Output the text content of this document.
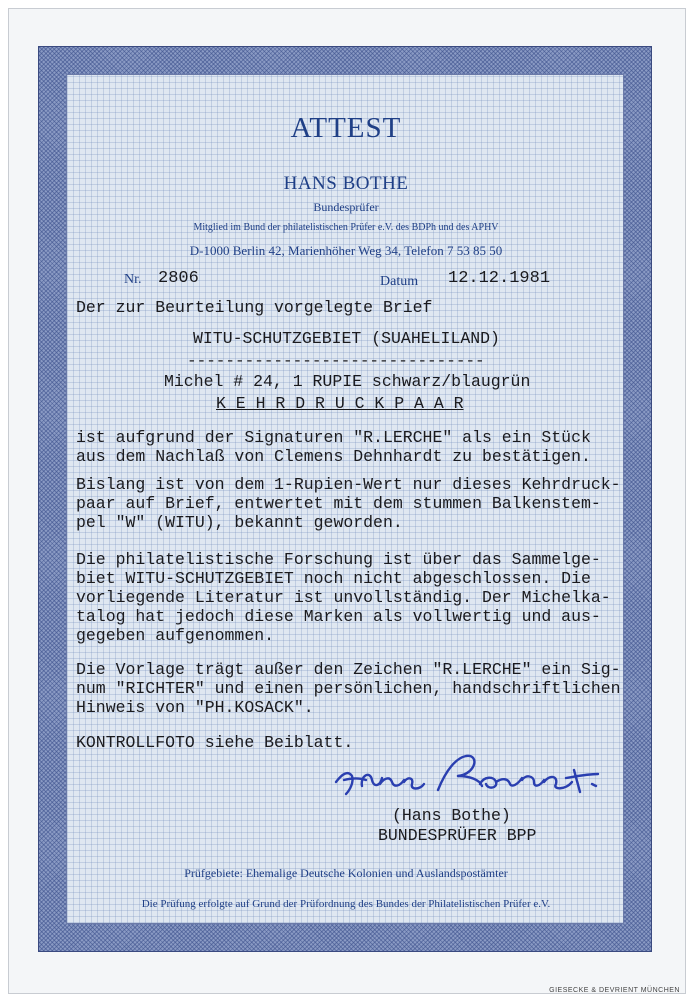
ATTEST
HANS BOTHE
Bundesprüfer
Mitglied im Bund der philatelistischen Prüfer e.V. des BDPh und des APHV
D-1000 Berlin 42, Marienhöher Weg 34, Telefon 7 53 85 50
Nr. 2806	Datum 12.12.1981
Der zur Beurteilung vorgelegte Brief
WITU-SCHUTZGEBIET (SUAHELILAND)
-------------------------------
Michel # 24, 1 RUPIE schwarz/blaugrün
K E H R D R U C K P A A R
ist aufgrund der Signaturen "R.LERCHE" als ein Stück
aus dem Nachlaß von Clemens Dehnhardt zu bestätigen.
Bislang ist von dem 1-Rupien-Wert nur dieses Kehrdruck-
paar auf Brief, entwertet mit dem stummen Balkenstem-
pel "W" (WITU), bekannt geworden.
Die philatelistische Forschung ist über das Sammelge-
biet WITU-SCHUTZGEBIET noch nicht abgeschlossen. Die
vorliegende Literatur ist unvollständig. Der Michelka-
talog hat jedoch diese Marken als vollwertig und aus-
gegeben aufgenommen.
Die Vorlage trägt außer den Zeichen "R.LERCHE" ein Sig-
num "RICHTER" und einen persönlichen, handschriftlichen
Hinweis von "PH.KOSACK".
KONTROLLFOTO siehe Beiblatt.
(Hans Bothe)
BUNDESPRÜFER BPP
Prüfgebiete: Ehemalige Deutsche Kolonien und Auslandspostämter
Die Prüfung erfolgte auf Grund der Prüfordnung des Bundes der Philatelistischen Prüfer e.V.
GIESECKE & DEVRIENT MÜNCHEN
